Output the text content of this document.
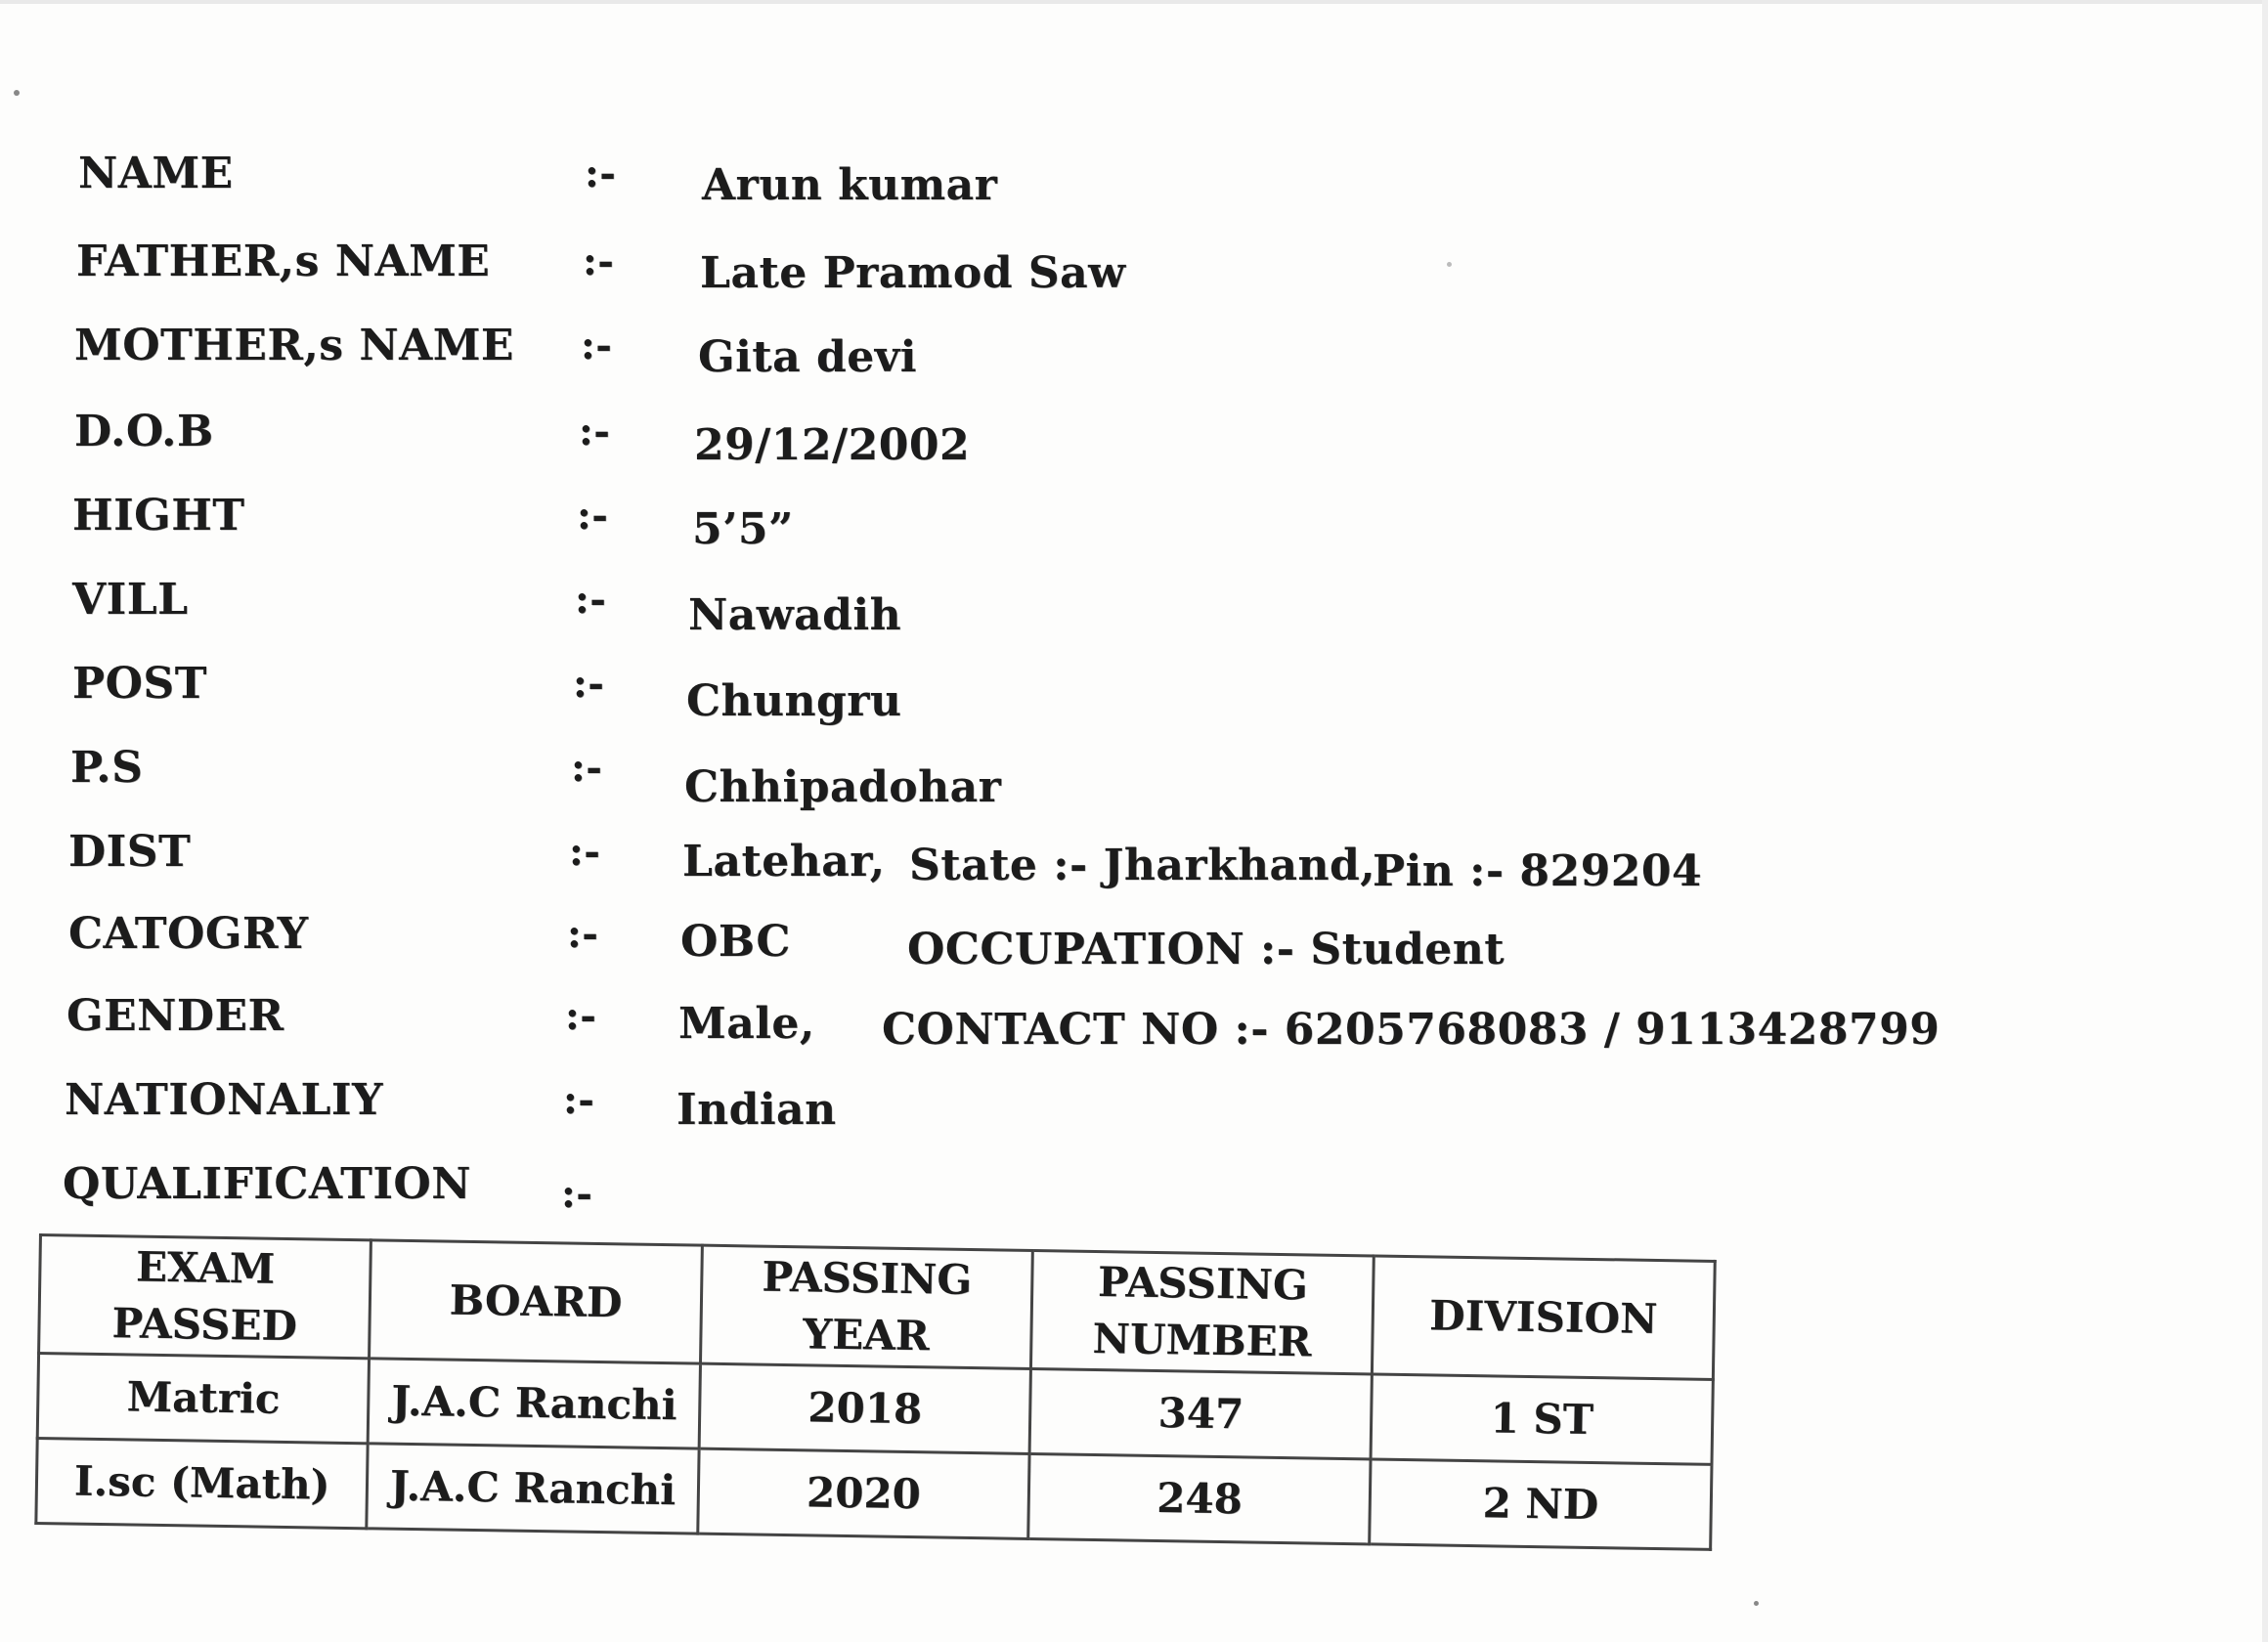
NAME	:- Arun kumar
FATHER,s NAME :- Late Pramod Saw
MOTHER,s NAME :- Gita devi
D.O.B	:- 29/12/2002
HIGHT	:- 5’5”
VILL	:- Nawadih
POST	:- Chungru
P.S	:- Chhipadohar
DIST	:- Latehar, State :- Jharkhand,
Pin :- 829204
CATOGRY	:- OBC	OCCUPATION :- Student
GENDER	:- Male, CONTACT NO :- 6205768083 / 9113428799
NATIONALIY	:- Indian
QUALIFICATION :-
EXAM PASSED	BOARD	PASSING YEAR	PASSING NUMBER	DIVISION
Matric	J.A.C Ranchi	2018	347	1 ST
I.sc (Math)	J.A.C Ranchi	2020	248	2 ND
